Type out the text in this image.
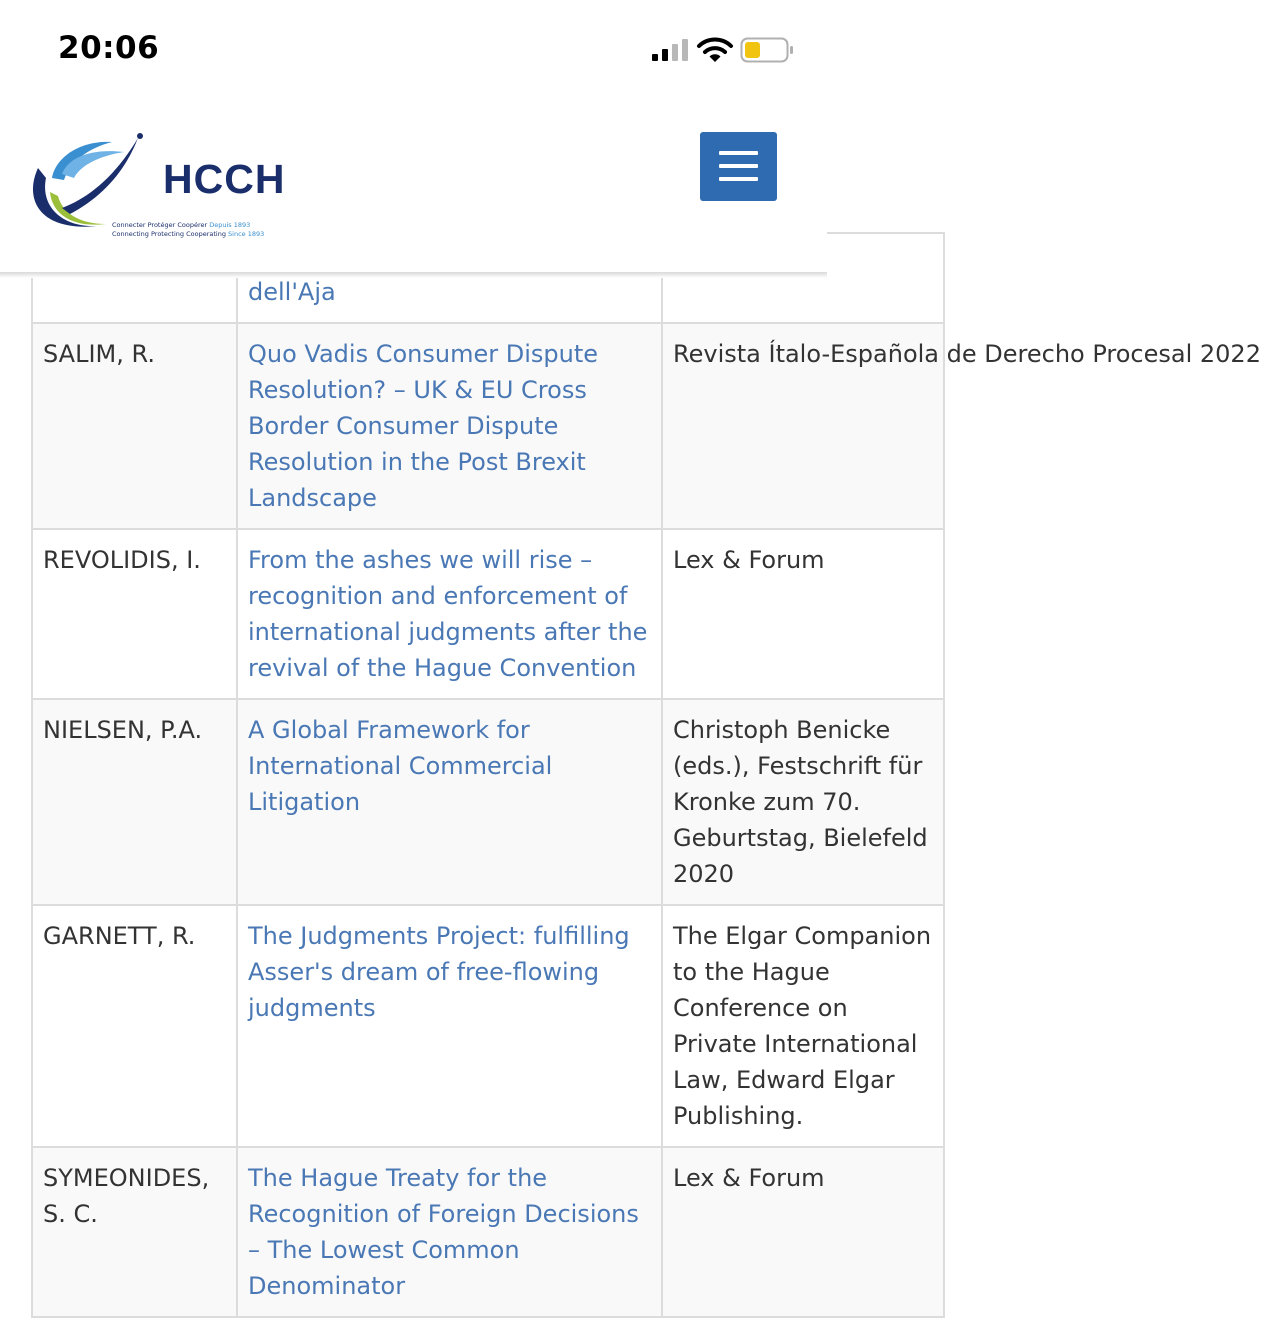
20:06
HCCH
Connecter Protéger Coopérer Depuis 1893
Connecting Protecting Cooperating Since 1893
	dell'Aja	
SALIM, R.	Quo Vadis Consumer Dispute Resolution? – UK & EU Cross Border Consumer Dispute Resolution in the Post Brexit Landscape	Revista Ítalo-Española de Derecho Procesal 2022
REVOLIDIS, I.	From the ashes we will rise – recognition and enforcement of international judgments after the revival of the Hague Convention	Lex & Forum
NIELSEN, P.A.	A Global Framework for International Commercial Litigation	Christoph Benicke (eds.), Festschrift für Kronke zum 70. Geburtstag, Bielefeld 2020
GARNETT, R.	The Judgments Project: fulfilling Asser's dream of free-flowing judgments	The Elgar Companion to the Hague Conference on Private International Law, Edward Elgar Publishing.
SYMEONIDES, S. C.	The Hague Treaty for the Recognition of Foreign Decisions – The Lowest Common Denominator	Lex & Forum
